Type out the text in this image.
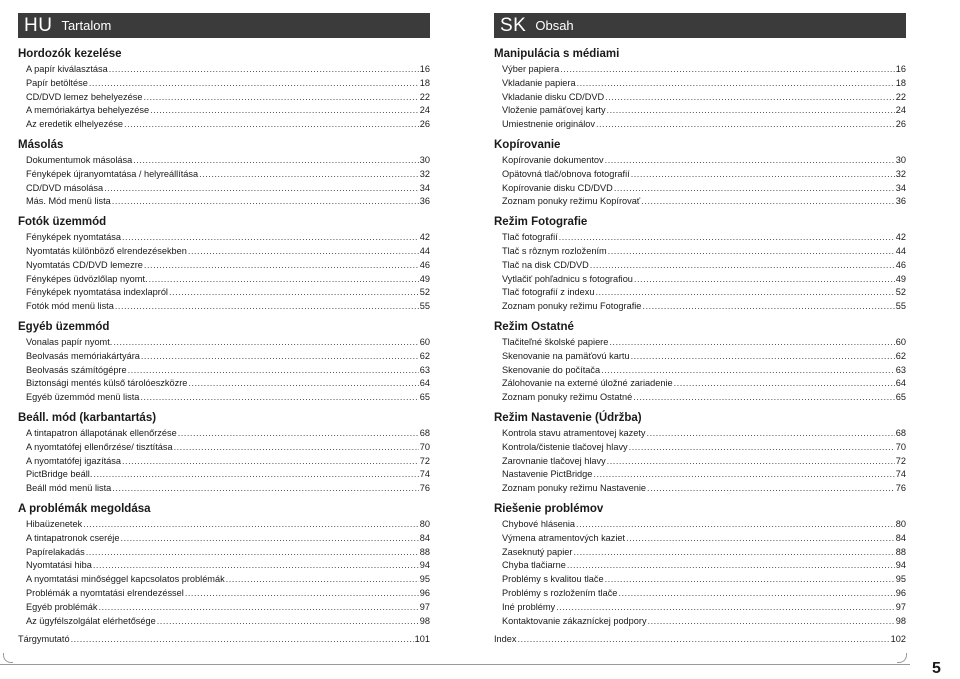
HU Tartalom
Hordozók kezelése
A papír kiválasztása .....	16
Papír betöltése .....	18
CD/DVD lemez behelyezése .....	22
A memóriakártya behelyezése .....	24
Az eredetik elhelyezése .....	26
Másolás
Dokumentumok másolása .....	30
Fényképek újranyomtatása / helyreállítása .....	32
CD/DVD másolása .....	34
Más. Mód menü lista .....	36
Fotók üzemmód
Fényképek nyomtatása .....	42
Nyomtatás különböző elrendezésekben .....	44
Nyomtatás CD/DVD lemezre .....	46
Fényképes üdvözlőlap nyomt. .....	49
Fényképek nyomtatása indexlapról .....	52
Fotók mód menü lista .....	55
Egyéb üzemmód
Vonalas papír nyomt. .....	60
Beolvasás memóriakártyára .....	62
Beolvasás számítógépre .....	63
Biztonsági mentés külső tárolóeszközre .....	64
Egyéb üzemmód menü lista .....	65
Beáll. mód (karbantartás)
A tintapatron állapotának ellenőrzése .....	68
A nyomtatófej ellenőrzése/ tisztítása .....	70
A nyomtatófej igazítása .....	72
PictBridge beáll. .....	74
Beáll mód menü lista .....	76
A problémák megoldása
Hibaüzenetek .....	80
A tintapatronok cseréje .....	84
Papírelakadás .....	88
Nyomtatási hiba .....	94
A nyomtatási minőséggel kapcsolatos problémák .....	95
Problémák a nyomtatási elrendezéssel .....	96
Egyéb problémák .....	97
Az ügyfélszolgálat elérhetősége .....	98
Tárgymutató .....	101
SK Obsah
Manipulácia s médiami
Výber papiera .....	16
Vkladanie papiera .....	18
Vkladanie disku CD/DVD .....	22
Vloženie pamäťovej karty .....	24
Umiestnenie originálov .....	26
Kopírovanie
Kopírovanie dokumentov .....	30
Opätovná tlač/obnova fotografií .....	32
Kopírovanie disku CD/DVD .....	34
Zoznam ponuky režimu Kopírovať .....	36
Režim Fotografie
Tlač fotografií .....	42
Tlač s rôznym rozložením .....	44
Tlač na disk CD/DVD .....	46
Vytlačiť pohľadnicu s fotografiou .....	49
Tlač fotografií z indexu .....	52
Zoznam ponuky režimu Fotografie .....	55
Režim Ostatné
Tlačiteľné školské papiere .....	60
Skenovanie na pamäťovú kartu .....	62
Skenovanie do počítača .....	63
Zálohovanie na externé úložné zariadenie .....	64
Zoznam ponuky režimu Ostatné .....	65
Režim Nastavenie (Údržba)
Kontrola stavu atramentovej kazety .....	68
Kontrola/čistenie tlačovej hlavy .....	70
Zarovnanie tlačovej hlavy .....	72
Nastavenie PictBridge .....	74
Zoznam ponuky režimu Nastavenie .....	76
Riešenie problémov
Chybové hlásenia .....	80
Výmena atramentových kaziet .....	84
Zaseknutý papier .....	88
Chyba tlačiarne .....	94
Problémy s kvalitou tlače .....	95
Problémy s rozložením tlače .....	96
Iné problémy .....	97
Kontaktovanie zákazníckej podpory .....	98
Index .....	102
5
